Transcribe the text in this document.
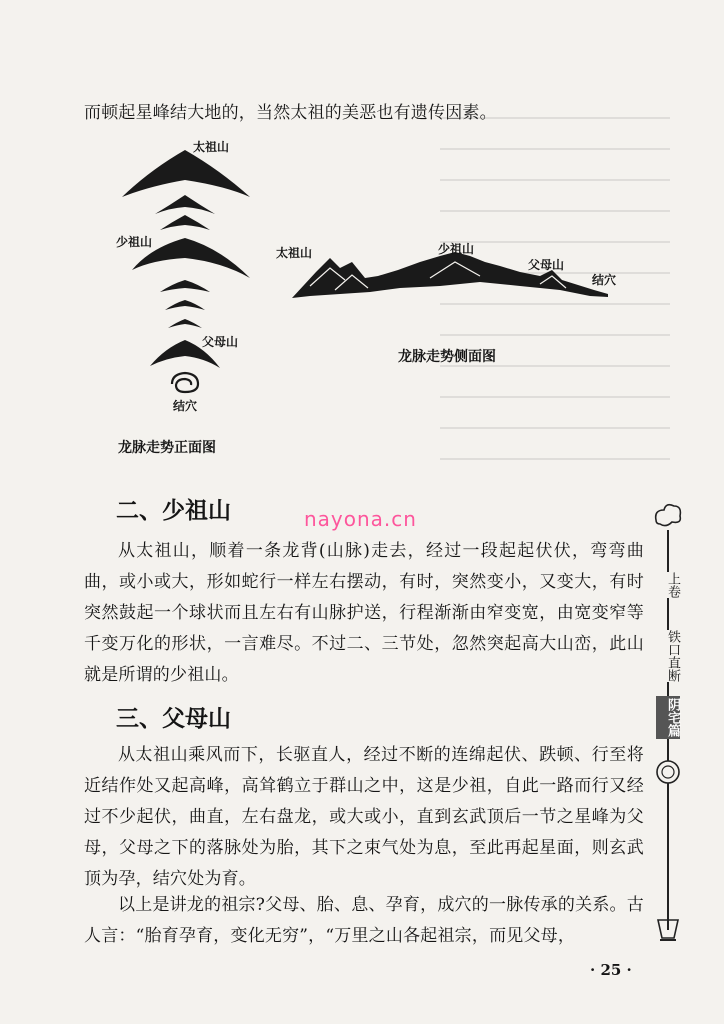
而顿起星峰结大地的，当然太祖的美恶也有遗传因素。

太祖山
少祖山
父母山
结穴
龙脉走势正面图
太祖山	少祖山
父母山
结穴
龙脉走势侧面图
nayona.cn
二、少祖山

从太祖山，顺着一条龙背(山脉)走去，经过一段起起伏伏，弯弯曲曲，或小或大，形如蛇行一样左右摆动，有时，突然变小，又变大，有时突然鼓起一个球状而且左右有山脉护送，行程渐渐由窄变宽，由宽变窄等千变万化的形状，一言难尽。不过二、三节处，忽然突起高大山峦，此山就是所谓的少祖山。

三、父母山

从太祖山乘风而下，长驱直人，经过不断的连绵起伏、跌顿、行至将近结作处又起高峰，高耸鹤立于群山之中，这是少祖，自此一路而行又经过不少起伏，曲直，左右盘龙，或大或小，直到玄武顶后一节之星峰为父母，父母之下的落脉处为胎，其下之束气处为息，至此再起星面，则玄武顶为孕，结穴处为育。

以上是讲龙的祖宗?父母、胎、息、孕育，成穴的一脉传承的关系。古人言：“胎育孕育，变化无穷”，“万里之山各起祖宗，而见父母，

上卷
铁口直断
阴宅篇
· 25 ·
